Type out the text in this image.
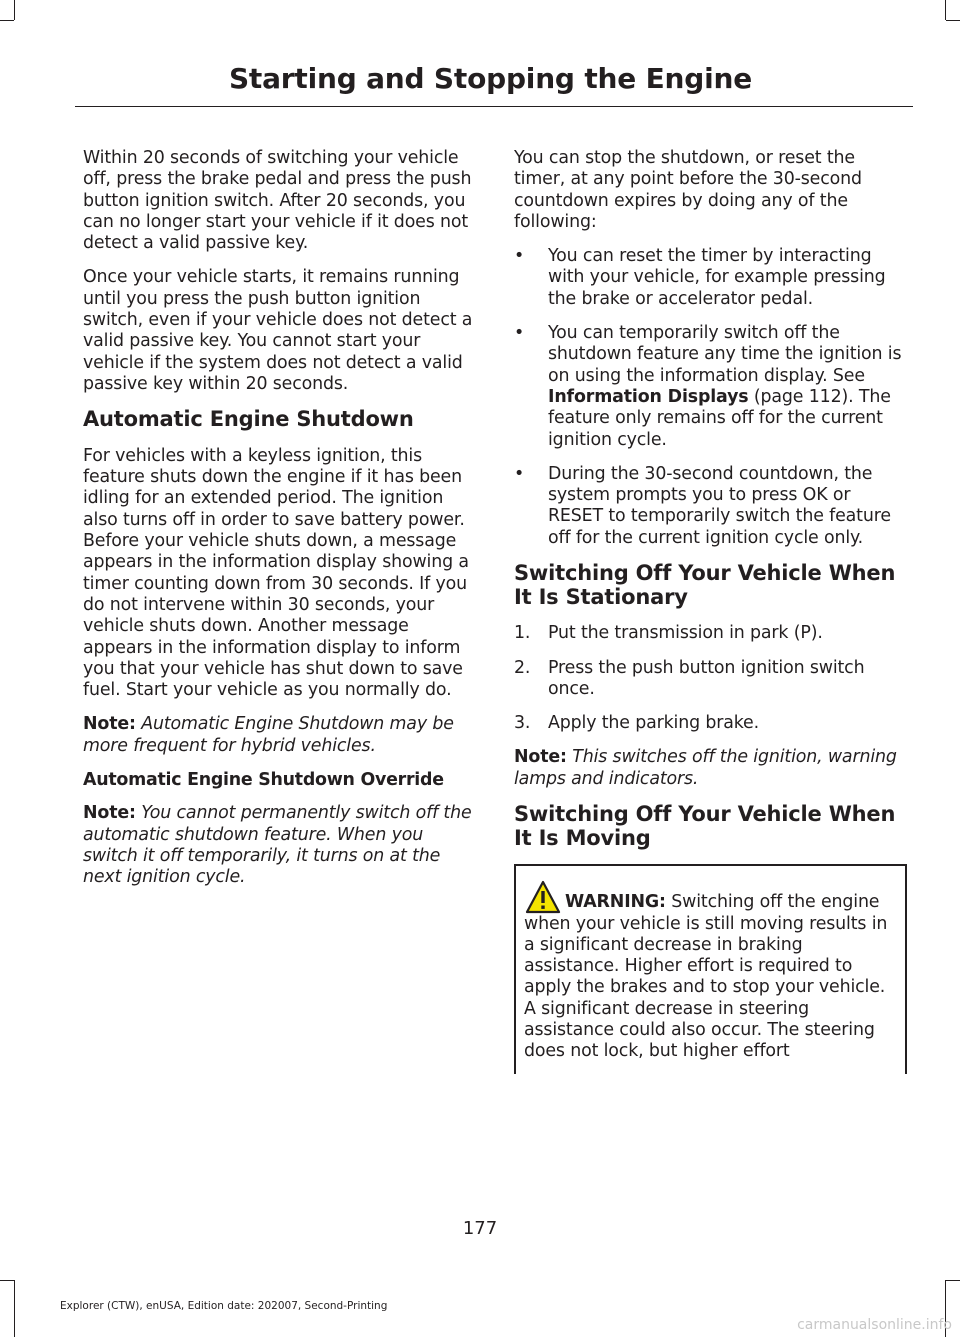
Starting and Stopping the Engine

Within 20 seconds of switching your vehicle off, press the brake pedal and press the push button ignition switch. After 20 seconds, you can no longer start your vehicle if it does not detect a valid passive key.

Once your vehicle starts, it remains running until you press the push button ignition switch, even if your vehicle does not detect a valid passive key. You cannot start your vehicle if the system does not detect a valid passive key within 20 seconds.

Automatic Engine Shutdown

For vehicles with a keyless ignition, this feature shuts down the engine if it has been idling for an extended period. The ignition also turns off in order to save battery power. Before your vehicle shuts down, a message appears in the information display showing a timer counting down from 30 seconds. If you do not intervene within 30 seconds, your vehicle shuts down. Another message appears in the information display to inform you that your vehicle has shut down to save fuel. Start your vehicle as you normally do.

Note: Automatic Engine Shutdown may be more frequent for hybrid vehicles.

Automatic Engine Shutdown Override

Note: You cannot permanently switch off the automatic shutdown feature. When you switch it off temporarily, it turns on at the next ignition cycle.

You can stop the shutdown, or reset the timer, at any point before the 30-second countdown expires by doing any of the following:

• You can reset the timer by interacting with your vehicle, for example pressing the brake or accelerator pedal.
• You can temporarily switch off the shutdown feature any time the ignition is on using the information display. See Information Displays (page 112). The feature only remains off for the current ignition cycle.
• During the 30-second countdown, the system prompts you to press OK or RESET to temporarily switch the feature off for the current ignition cycle only.
Switching Off Your Vehicle When It Is Stationary
1. Put the transmission in park (P).
2. Press the push button ignition switch once.
3. Apply the parking brake.

Note: This switches off the ignition, warning lamps and indicators.

Switching Off Your Vehicle When It Is Moving

WARNING: Switching off the engine when your vehicle is still moving results in a significant decrease in braking assistance. Higher effort is required to apply the brakes and to stop your vehicle. A significant decrease in steering assistance could also occur. The steering does not lock, but higher effort

177
Explorer (CTW), enUSA, Edition date: 202007, Second-Printing
carmanualsonline.info
